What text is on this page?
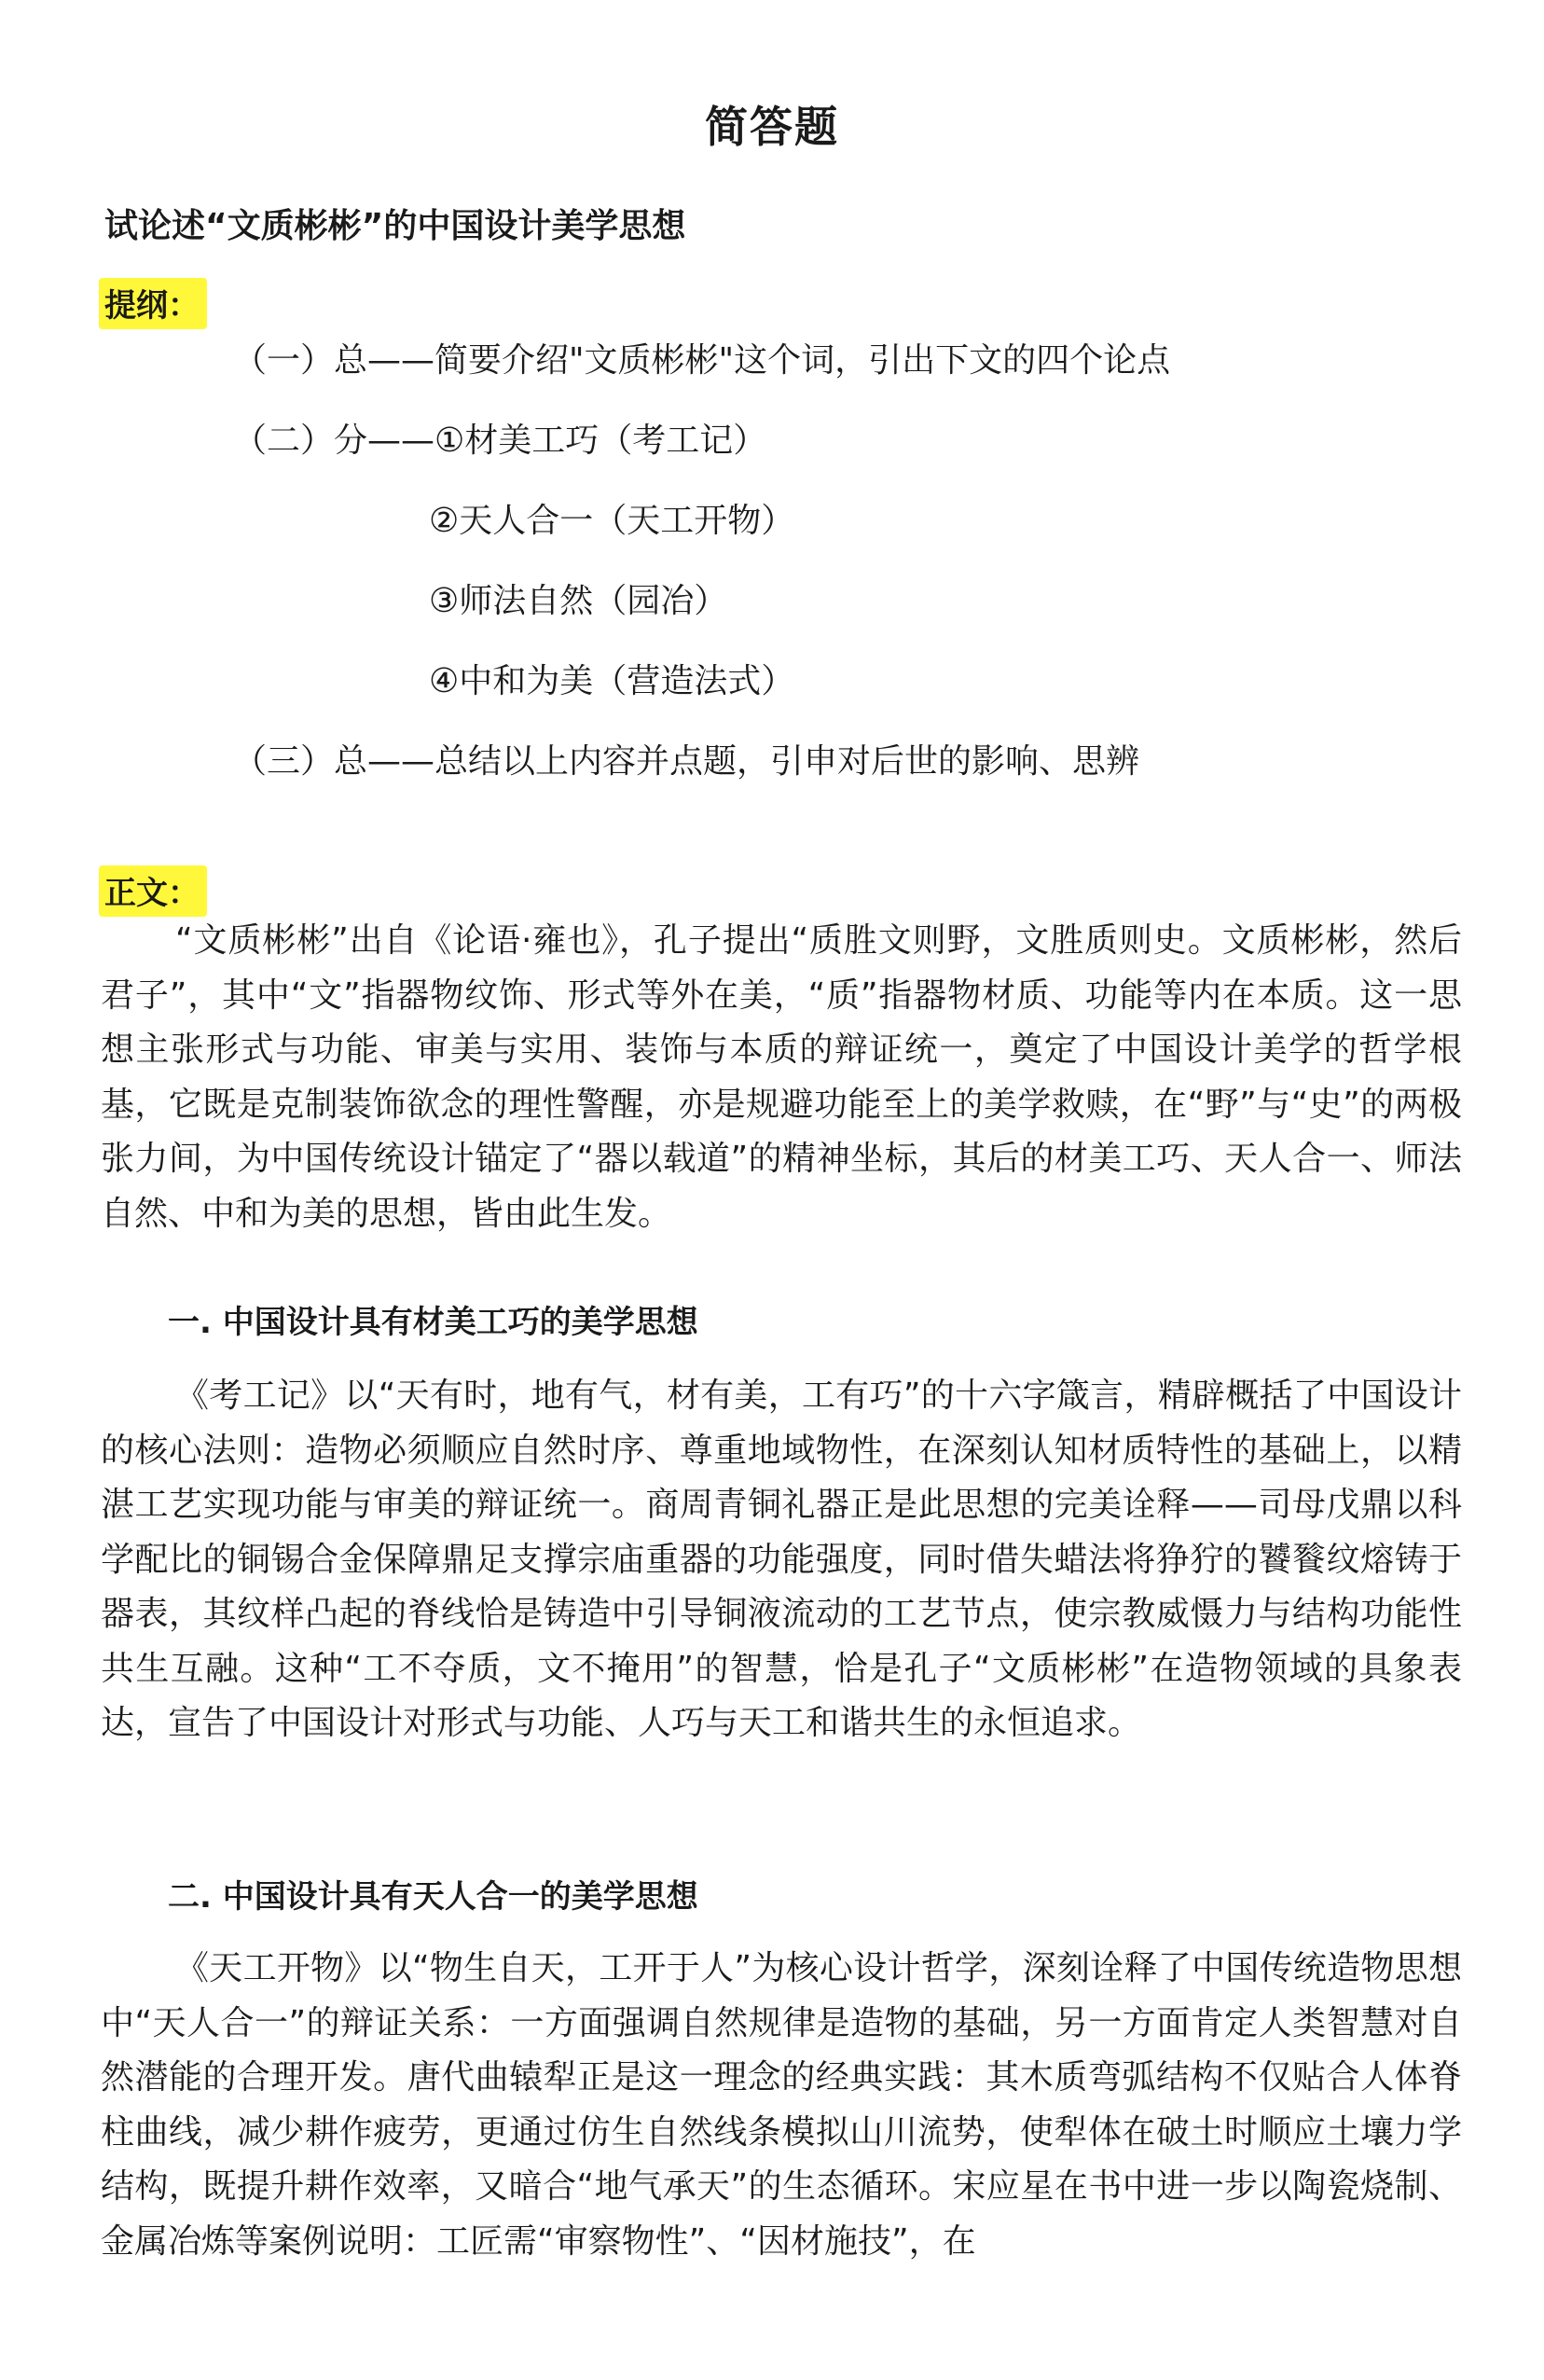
简答题
试论述“文质彬彬”的中国设计美学思想
提纲：
（一）总——简要介绍"文质彬彬"这个词，引出下文的四个论点
（二）分——①材美工巧（考工记）
②天人合一（天工开物）
③师法自然（园冶）
④中和为美（营造法式）
（三）总——总结以上内容并点题，引申对后世的影响、思辨
正文：

“文质彬彬”出自《论语·雍也》，孔子提出“质胜文则野，文胜质则史。文质彬彬，然后君子”，其中“文”指器物纹饰、形式等外在美，“质”指器物材质、功能等内在本质。这一思想主张形式与功能、审美与实用、装饰与本质的辩证统一，奠定了中国设计美学的哲学根基，它既是克制装饰欲念的理性警醒，亦是规避功能至上的美学救赎，在“野”与“史”的两极张力间，为中国传统设计锚定了“器以载道”的精神坐标，其后的材美工巧、天人合一、师法自然、中和为美的思想，皆由此生发。

一. 中国设计具有材美工巧的美学思想

《考工记》以“天有时，地有气，材有美，工有巧”的十六字箴言，精辟概括了中国设计的核心法则：造物必须顺应自然时序、尊重地域物性，在深刻认知材质特性的基础上，以精湛工艺实现功能与审美的辩证统一。商周青铜礼器正是此思想的完美诠释——司母戊鼎以科学配比的铜锡合金保障鼎足支撑宗庙重器的功能强度，同时借失蜡法将狰狞的饕餮纹熔铸于器表，其纹样凸起的脊线恰是铸造中引导铜液流动的工艺节点，使宗教威慑力与结构功能性共生互融。这种“工不夺质，文不掩用”的智慧，恰是孔子“文质彬彬”在造物领域的具象表达，宣告了中国设计对形式与功能、人巧与天工和谐共生的永恒追求。

二. 中国设计具有天人合一的美学思想

《天工开物》以“物生自天，工开于人”为核心设计哲学，深刻诠释了中国传统造物思想中“天人合一”的辩证关系：一方面强调自然规律是造物的基础，另一方面肯定人类智慧对自然潜能的合理开发。唐代曲辕犁正是这一理念的经典实践：其木质弯弧结构不仅贴合人体脊柱曲线，减少耕作疲劳，更通过仿生自然线条模拟山川流势，使犁体在破土时顺应土壤力学结构，既提升耕作效率，又暗合“地气承天”的生态循环。宋应星在书中进一步以陶瓷烧制、金属冶炼等案例说明：工匠需“审察物性”、“因材施技”，在
